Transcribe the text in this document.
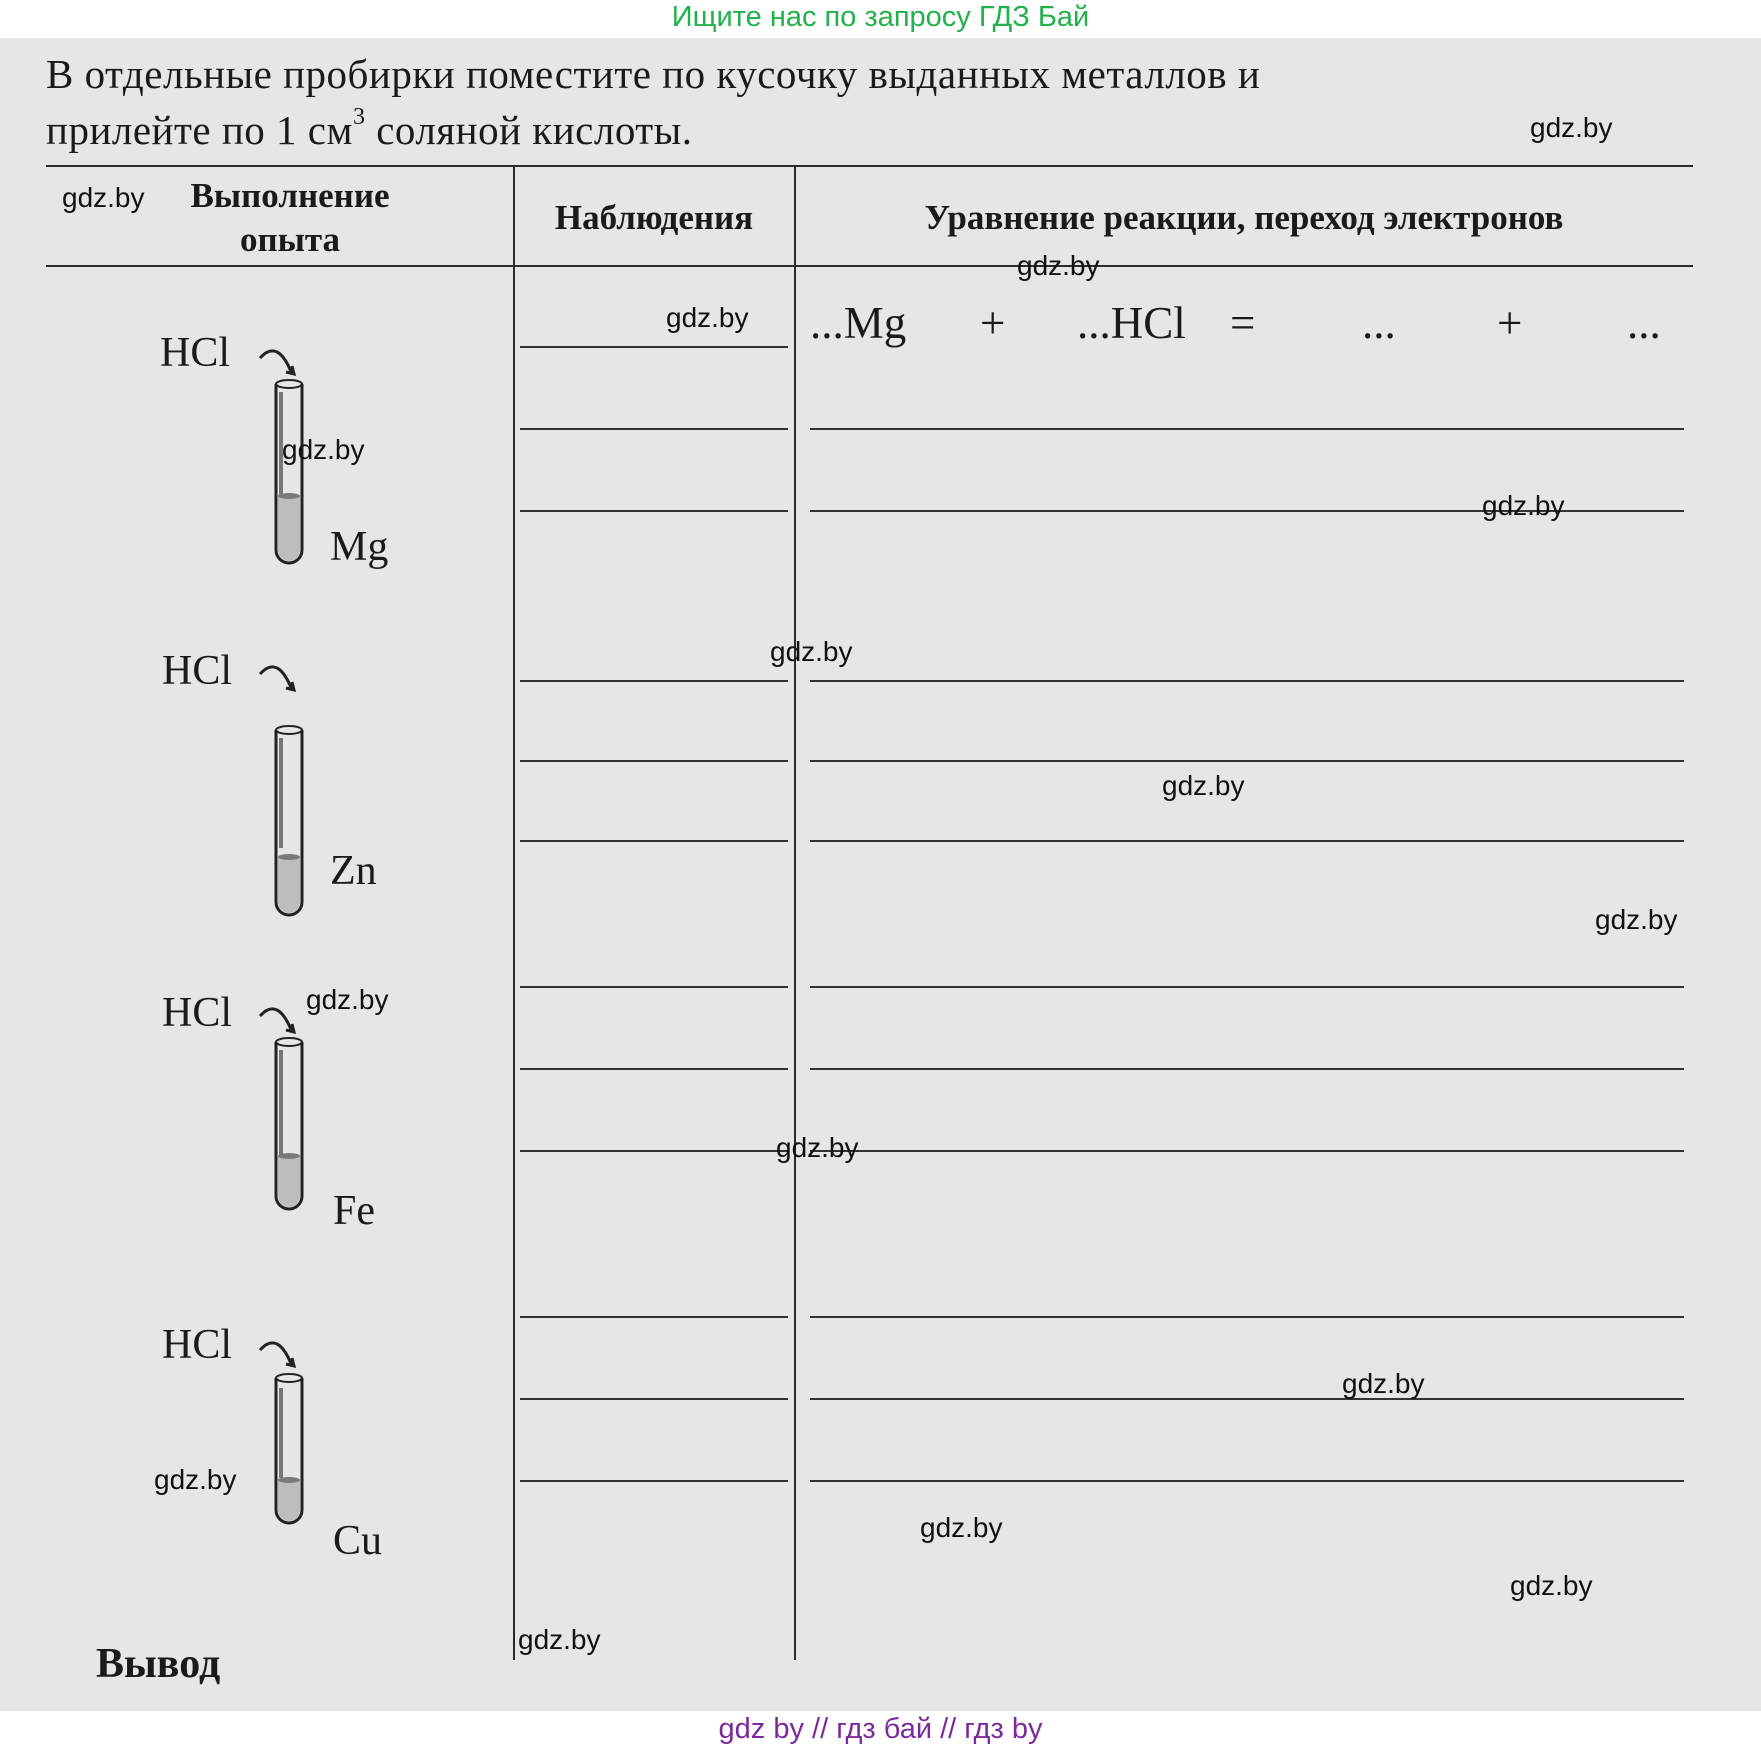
Ищите нас по запросу ГДЗ Бай
В отдельные пробирки поместите по кусочку выданных металлов и
прилейте по 1 $см^3$ соляной кислоты.
Выполнение
опыта
Наблюдения	Уравнение реакции, переход электронов
...Mg + ...HCl = ... + ...
HCl
Mg
HCl
Zn
HCl
Fe
HCl
Cu
Вывод
gdz.by
gdz.by
gdz.by
gdz.by
gdz.by
gdz.by
gdz.by
gdz.by
gdz.by
gdz.by
gdz.by
gdz.by
gdz.by
gdz.by
gdz.by
gdz.by
gdz by // гдз бай // гдз by
